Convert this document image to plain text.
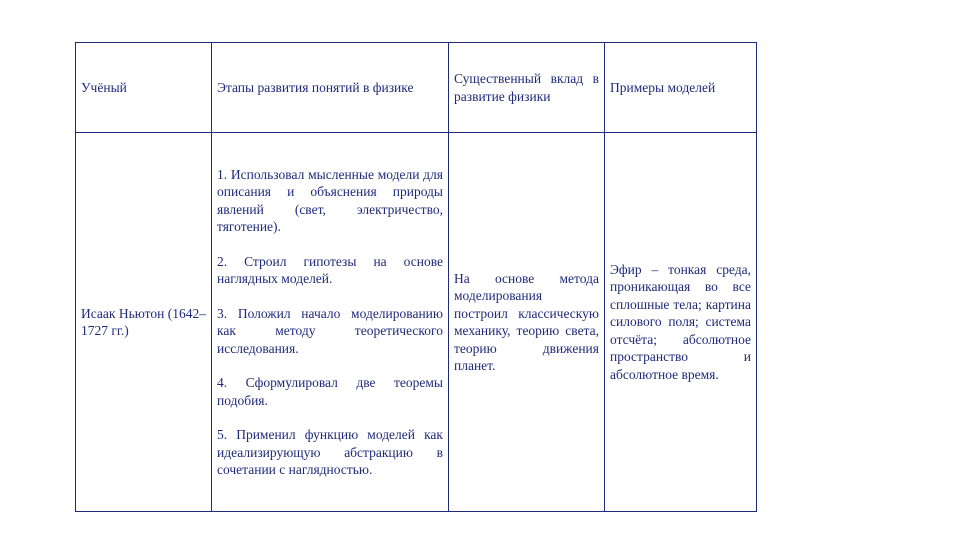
Учёный	Этапы развития понятий в физике	Существенный вклад в развитие физики	Примеры моделей
Исаак Ньютон (1642–1727 гг.)	1. Использовал мысленные модели для описания и объяснения природы явлений (свет, электричество, тяготение).
2. Строил гипотезы на основе наглядных моделей.
3. Положил начало моделированию как методу теоретического исследования.
4. Сформулировал две теоремы подобия.
5. Применил функцию моделей как идеализирующую абстракцию в сочетании с наглядностью.	На основе метода моделирования построил классическую механику, теорию света, теорию движения планет.	Эфир – тонкая среда, проникающая во все сплошные тела; картина силового поля; система отсчёта; абсолютное пространство и абсолютное время.
